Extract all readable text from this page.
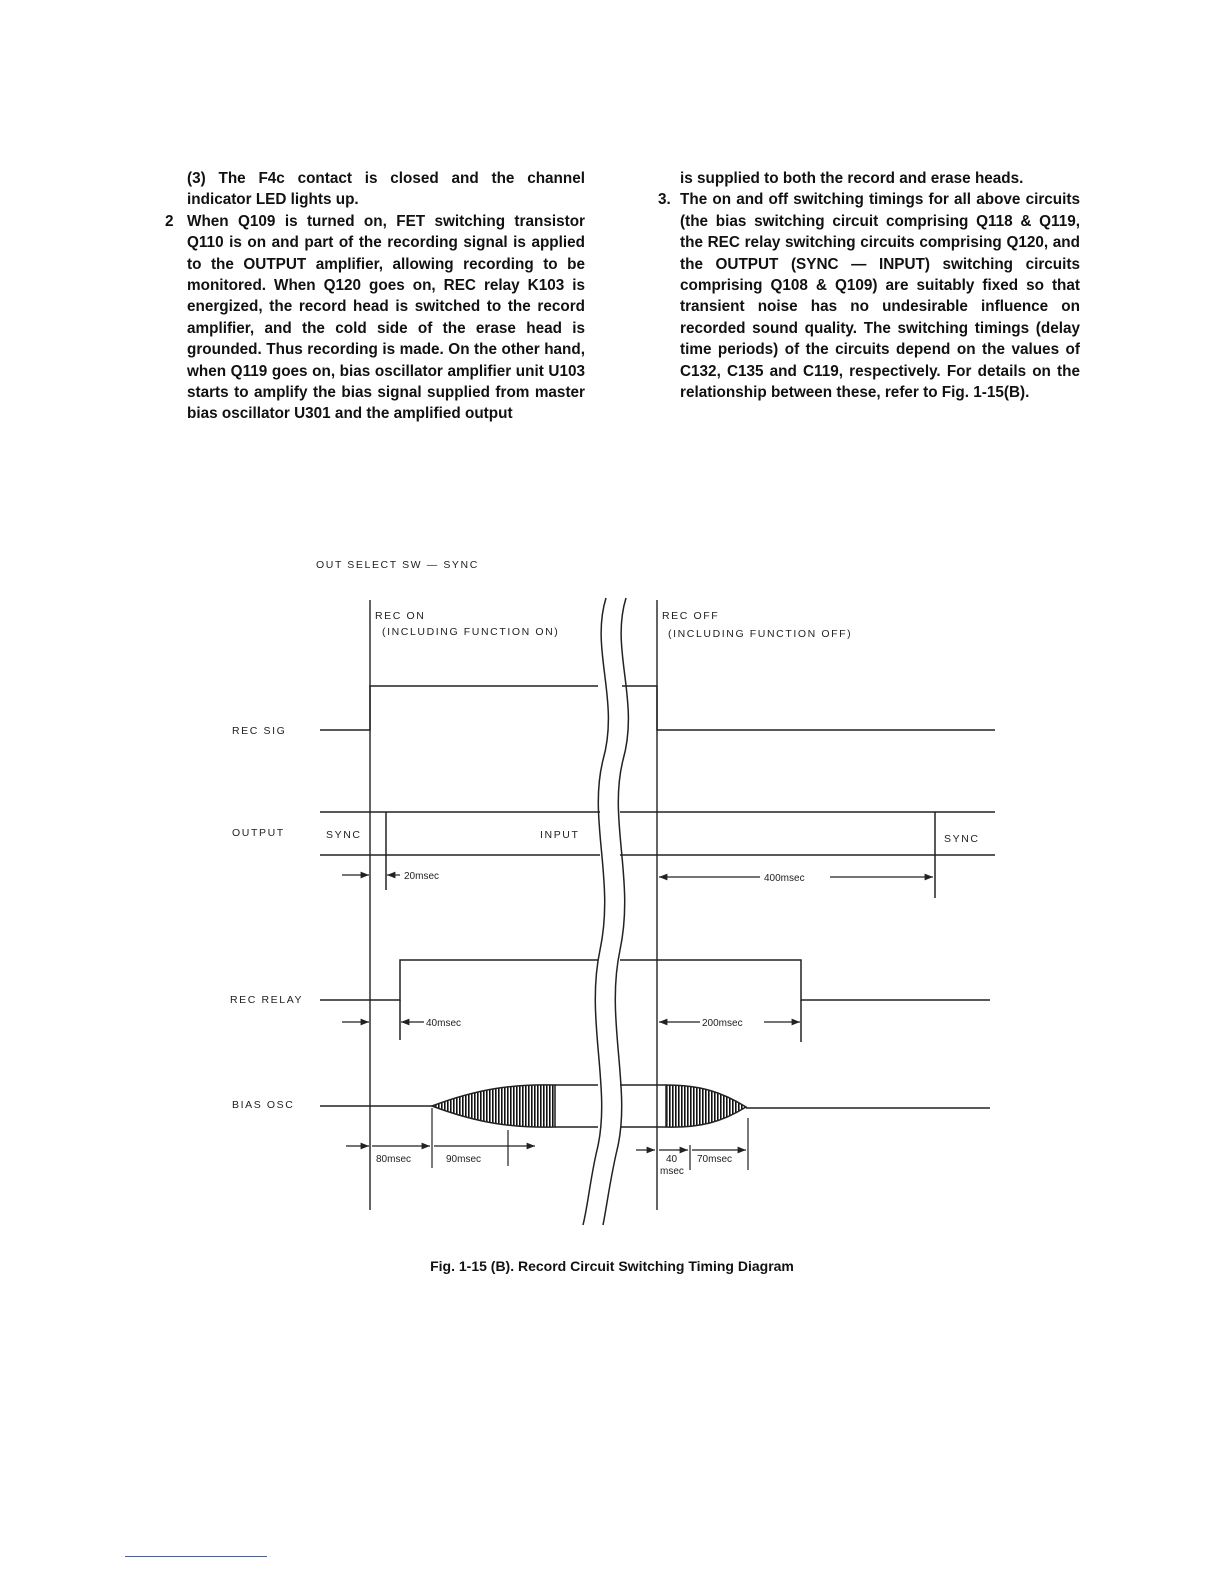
(3) The F4c contact is closed and the channel indicator LED lights up.

2 When Q109 is turned on, FET switching transistor Q110 is on and part of the recording signal is applied to the OUTPUT amplifier, allowing recording to be monitored. When Q120 goes on, REC relay K103 is energized, the record head is switched to the record amplifier, and the cold side of the erase head is grounded. Thus recording is made. On the other hand, when Q119 goes on, bias oscillator amplifier unit U103 starts to amplify the bias signal supplied from master bias oscillator U301 and the amplified output

is supplied to both the record and erase heads.

3. The on and off switching timings for all above circuits (the bias switching circuit comprising Q118 & Q119, the REC relay switching circuits comprising Q120, and the OUTPUT (SYNC — INPUT) switching circuits comprising Q108 & Q109) are suitably fixed so that transient noise has no undesirable influence on recorded sound quality. The switching timings (delay time periods) of the circuits depend on the values of C132, C135 and C119, respectively. For details on the relationship between these, refer to Fig. 1-15(B).

OUT SELECT SW — SYNC
REC ON
(INCLUDING FUNCTION ON)
REC OFF
(INCLUDING FUNCTION OFF)
REC SIG
OUTPUT	SYNC	INPUT	SYNC
20msec	400msec
REC RELAY
40msec	200msec
BIAS OSC
80msec	90msec	40
msec
70msec
Fig. 1-15 (B). Record Circuit Switching Timing Diagram
